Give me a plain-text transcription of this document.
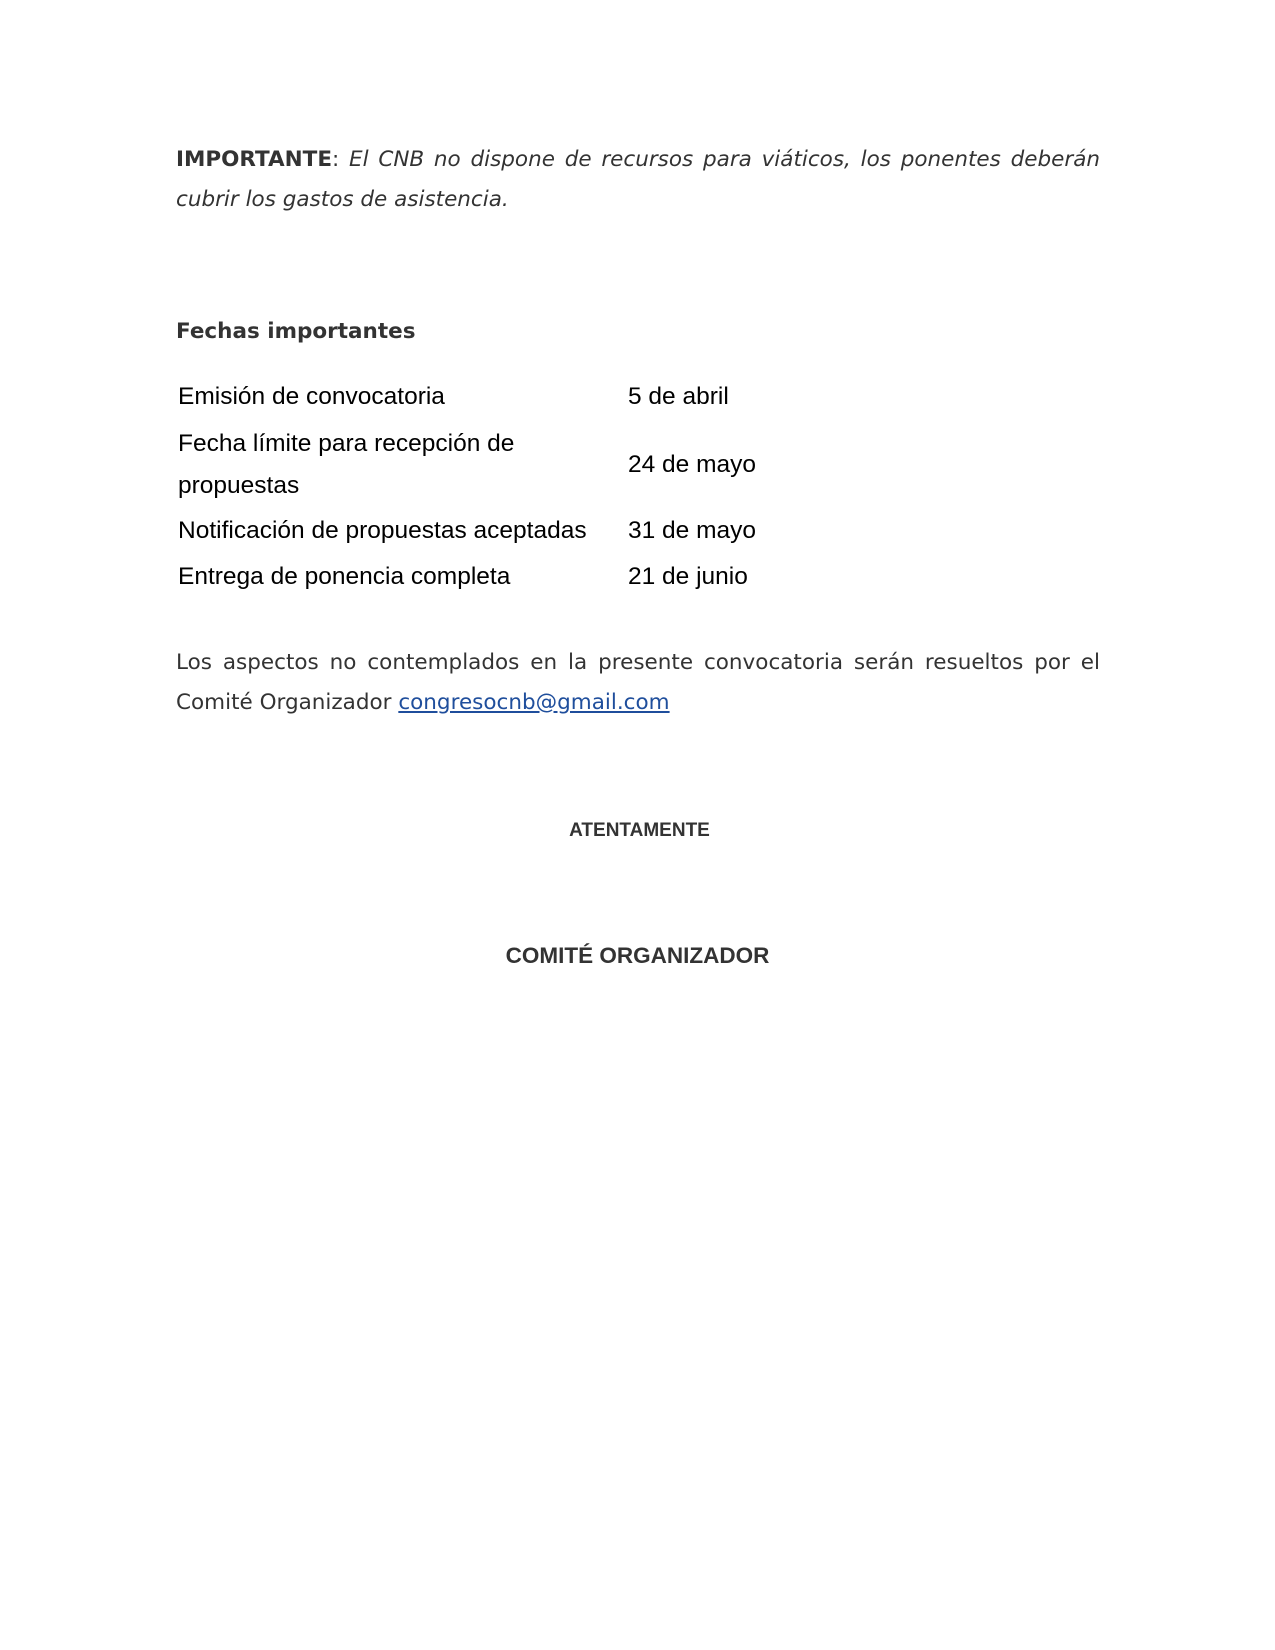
IMPORTANTE: El CNB no dispone de recursos para viáticos, los ponentes deberán cubrir los gastos de asistencia.

Fechas importantes
Emisión de convocatoria	5 de abril
Fecha límite para recepción de propuestas	24 de mayo
Notificación de propuestas aceptadas	31 de mayo
Entrega de ponencia completa	21 de junio

Los aspectos no contemplados en la presente convocatoria serán resueltos por el Comité Organizador congresocnb@gmail.com

ATENTAMENTE
COMITÉ ORGANIZADOR
